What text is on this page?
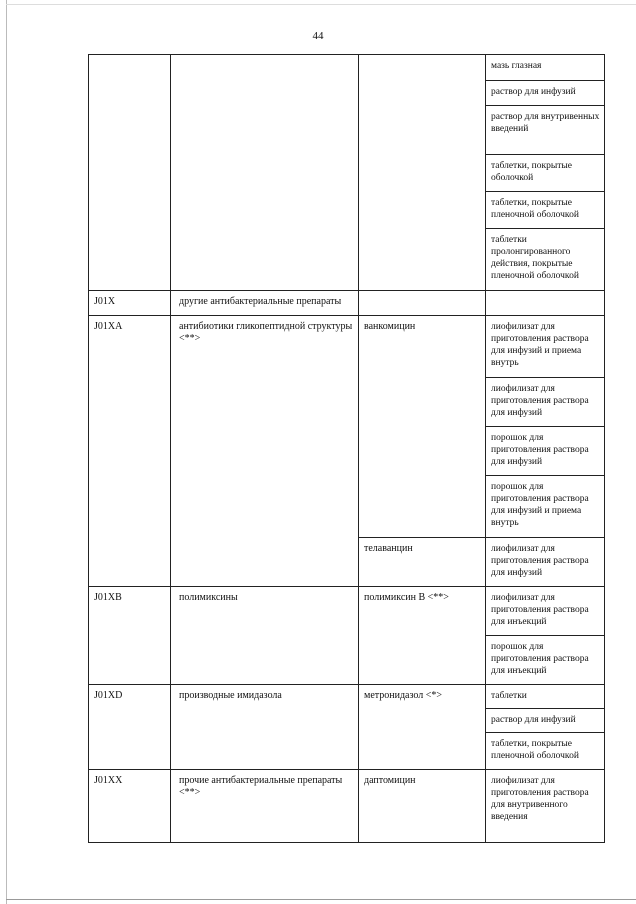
44
			мазь глазная
			раствор для инфузий
			раствор для внутривенных введений
			таблетки, покрытые оболочкой
			таблетки, покрытые пленочной оболочкой
			таблетки пролонгированного действия, покрытые пленочной оболочкой
J01X	другие антибактериальные препараты		
J01XA	антибиотики гликопептидной структуры <**>	ванкомицин	лиофилизат для приготовления раствора для инфузий и приема внутрь
			лиофилизат для приготовления раствора для инфузий
			порошок для приготовления раствора для инфузий
			порошок для приготовления раствора для инфузий и приема внутрь
		телаванцин	лиофилизат для приготовления раствора для инфузий
J01XB	полимиксины	полимиксин B <**>	лиофилизат для приготовления раствора для инъекций
			порошок для приготовления раствора для инъекций
J01XD	производные имидазола	метронидазол <*>	таблетки
			раствор для инфузий
			таблетки, покрытые пленочной оболочкой
J01XX	прочие антибактериальные препараты <**>	даптомицин	лиофилизат для приготовления раствора для внутривенного введения
